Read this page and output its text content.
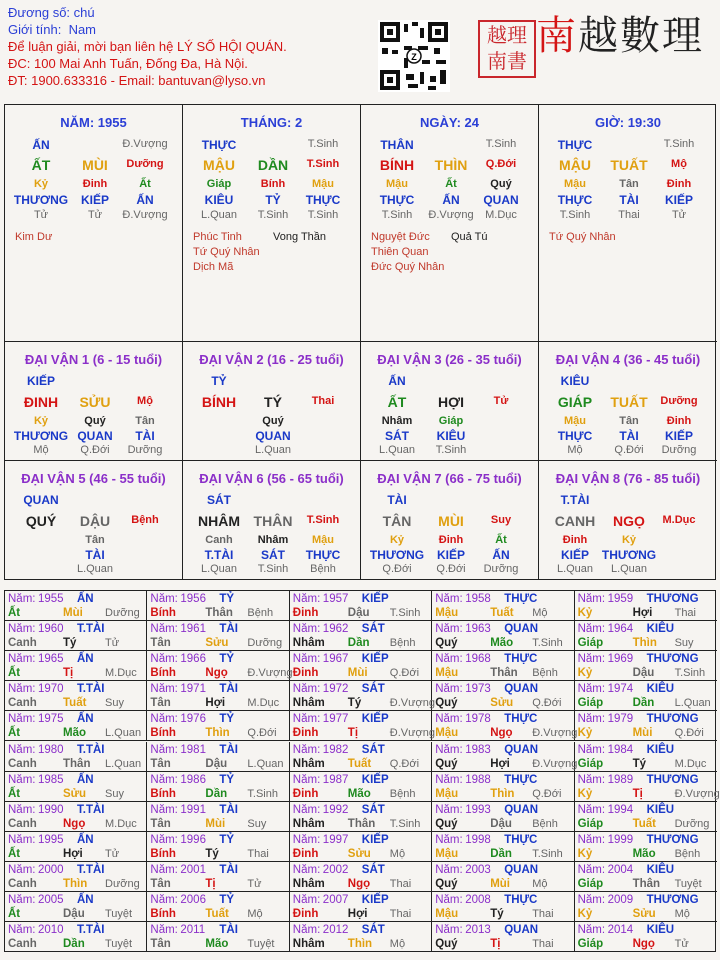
Đương số: chú
Giới tính: Nam
Để luận giải, mời bạn liên hệ LÝ SỐ HỘI QUÁN.
ĐC: 100 Mai Anh Tuấn, Đống Đa, Hà Nội.
ĐT: 1900.633316 - Email: bantuvan@lyso.vn
Z
越理 南書
南越數理
NĂM: 1955
ẤN	Đ.Vượng
ẤT	MÙI	Dưỡng
Kỷ	Đinh	Ất
THƯƠNG	KIẾP	ẤN
Tử	Tử	Đ.Vượng
Kim Dư
THÁNG: 2
THỰC	T.Sinh
MẬU	DẦN	T.Sinh
Giáp	Bính	Mậu
KIÊU	TỶ	THỰC
L.Quan	T.Sinh	T.Sinh
Phúc Tinh	Vong Thần
Tứ Quý Nhân
Dịch Mã
NGÀY: 24
THÂN	T.Sinh
BÍNH	THÌN	Q.Đới
Mậu	Ất	Quý
THỰC	ẤN	QUAN
T.Sinh	Đ.Vượng	M.Dục
Nguyệt Đức Quả Tú
Thiên Quan
Đức Quý Nhân
GIỜ: 19:30
THỰC	T.Sinh
MẬU	TUẤT	Mộ
Mậu	Tân	Đinh
THỰC	TÀI	KIẾP
T.Sinh	Thai	Tử
Tứ Quý Nhân
ĐẠI VẬN 1 (6 - 15 tuổi)
KIẾP
ĐINH	SỬU	Mộ
Kỷ	Quý	Tân
THƯƠNG QUAN	TÀI
Mộ	Q.Đới	Dưỡng
ĐẠI VẬN 2 (16 - 25 tuổi)
TỶ
BÍNH	TÝ	Thai
Quý
QUAN
L.Quan
ĐẠI VẬN 3 (26 - 35 tuổi)
ẤN
ẤT	HỢI	Tử
Nhâm	Giáp
SÁT	KIÊU
L.Quan	T.Sinh
ĐẠI VẬN 4 (36 - 45 tuổi)
KIÊU
GIÁP	TUẤT	Dưỡng
Mậu	Tân	Đinh
THỰC	TÀI	KIẾP
Mộ	Q.Đới	Dưỡng
ĐẠI VẬN 5 (46 - 55 tuổi)
QUAN
QUÝ	DẬU	Bệnh
Tân
TÀI
L.Quan
ĐẠI VẬN 6 (56 - 65 tuổi)
SÁT
NHÂM THÂN	T.Sinh
Canh	Nhâm	Mậu
T.TÀI	SÁT	THỰC
L.Quan	T.Sinh	Bệnh
ĐẠI VẬN 7 (66 - 75 tuổi)
TÀI
TÂN	MÙI	Suy
Kỷ	Đinh	Ất
THƯƠNG	KIẾP	ẤN
Q.Đới	Q.Đới	Dưỡng
ĐẠI VẬN 8 (76 - 85 tuổi)
T.TÀI
CANH	NGỌ	M.Dục
Đinh	Kỷ
KIẾP	THƯƠNG
L.Quan	L.Quan
Năm: 1955 ẤN
Ất	Mùi Dưỡng
Năm: 1956 TỶ
Bính	Thân Bệnh
Năm: 1957 KIẾP
Đinh	Dậu T.Sinh
Năm: 1958 THỰC
Mậu	Tuất Mộ
Năm: 1959 THƯƠNG
Kỷ	Hợi Thai
Năm: 1960 T.TÀI
Canh Tý	Tử
Năm: 1961 TÀI
Tân	Sửu Dưỡng
Năm: 1962 SÁT
Nhâm Dần Bệnh
Năm: 1963 QUAN
Quý	Mão T.Sinh
Năm: 1964 KIÊU
Giáp	Thìn Suy
Năm: 1965 ẤN
Ất	Tị	M.Dục
Năm: 1966 TỶ
Bính	Ngọ Đ.Vượng
Năm: 1967 KIẾP
Đinh	Mùi Q.Đới
Năm: 1968 THỰC
Mậu	Thân Bệnh
Năm: 1969 THƯƠNG
Kỷ	Dậu T.Sinh
Năm: 1970 T.TÀI
Canh Tuất Suy
Năm: 1971 TÀI
Tân	Hợi M.Dục
Năm: 1972 SÁT
Nhâm Tý	Đ.Vượng
Năm: 1973 QUAN
Quý	Sửu Q.Đới
Năm: 1974 KIÊU
Giáp	Dần L.Quan
Năm: 1975 ẤN
Ất	Mão L.Quan
Năm: 1976 TỶ
Bính	Thìn Q.Đới
Năm: 1977 KIẾP
Đinh	Tị	Đ.Vượng
Năm: 1978 THỰC
Mậu	Ngọ Đ.Vượng
Năm: 1979 THƯƠNG
Kỷ	Mùi Q.Đới
Năm: 1980 T.TÀI
Canh Thân L.Quan
Năm: 1981 TÀI
Tân	Dậu L.Quan
Năm: 1982 SÁT
Nhâm Tuất Q.Đới
Năm: 1983 QUAN
Quý	Hợi Đ.Vượng
Năm: 1984 KIÊU
Giáp	Tý	M.Dục
Năm: 1985 ẤN
Ất	Sửu Suy
Năm: 1986 TỶ
Bính	Dần T.Sinh
Năm: 1987 KIẾP
Đinh	Mão Bệnh
Năm: 1988 THỰC
Mậu	Thìn Q.Đới
Năm: 1989 THƯƠNG
Kỷ	Tị	Đ.Vượng
Năm: 1990 T.TÀI
Canh Ngọ M.Dục
Năm: 1991 TÀI
Tân	Mùi Suy
Năm: 1992 SÁT
Nhâm Thân T.Sinh
Năm: 1993 QUAN
Quý	Dậu Bệnh
Năm: 1994 KIÊU
Giáp	Tuất Dưỡng
Năm: 1995 ẤN
Ất	Hợi Tử
Năm: 1996 TỶ
Bính	Tý	Thai
Năm: 1997 KIẾP
Đinh	Sửu Mộ
Năm: 1998 THỰC
Mậu	Dần T.Sinh
Năm: 1999 THƯƠNG
Kỷ	Mão Bệnh
Năm: 2000 T.TÀI
Canh Thìn Dưỡng
Năm: 2001 TÀI
Tân	Tị	Tử
Năm: 2002 SÁT
Nhâm Ngọ Thai
Năm: 2003 QUAN
Quý	Mùi Mộ
Năm: 2004 KIÊU
Giáp	Thân Tuyệt
Năm: 2005 ẤN
Ất	Dậu Tuyệt
Năm: 2006 TỶ
Bính	Tuất Mộ
Năm: 2007 KIẾP
Đinh	Hợi Thai
Năm: 2008 THỰC
Mậu	Tý	Thai
Năm: 2009 THƯƠNG
Kỷ	Sửu Mộ
Năm: 2010 T.TÀI
Canh Dần Tuyệt
Năm: 2011 TÀI
Tân	Mão Tuyệt
Năm: 2012 SÁT
Nhâm Thìn Mộ
Năm: 2013 QUAN
Quý	Tị	Thai
Năm: 2014 KIÊU
Giáp	Ngọ Tử
